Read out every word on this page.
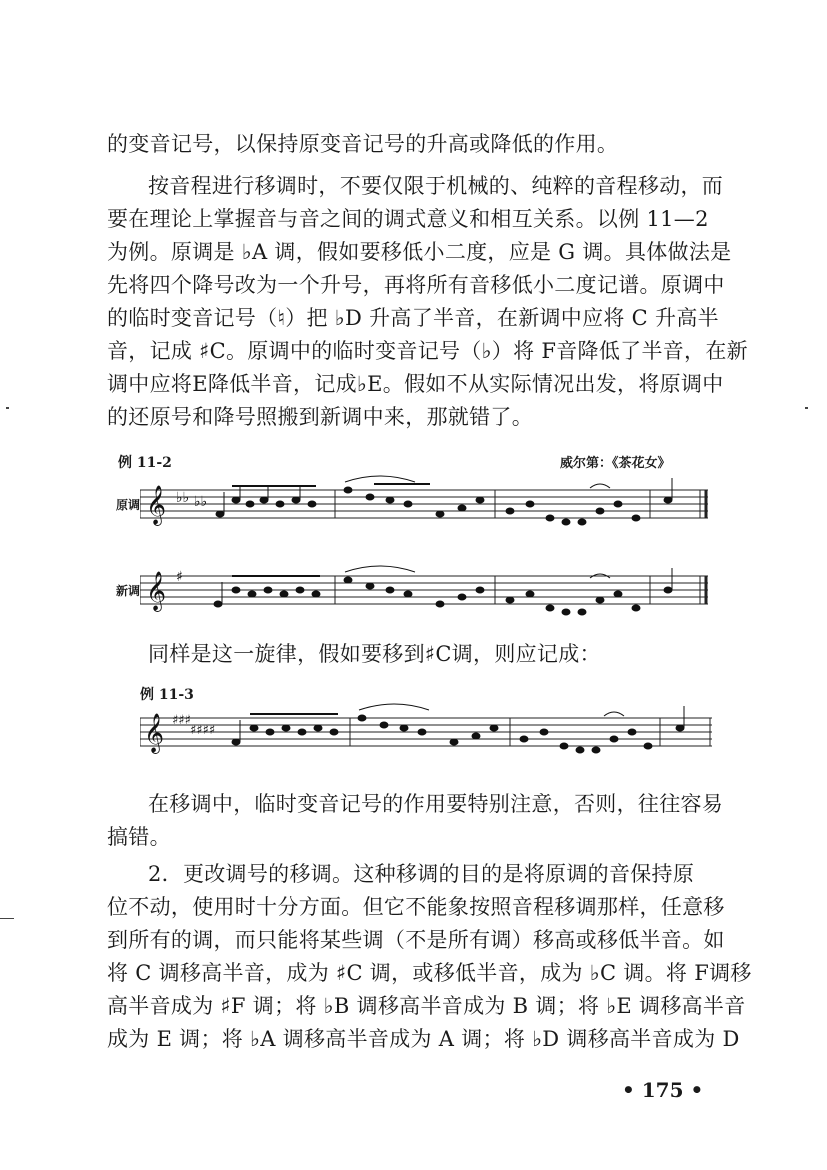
的变音记号，以保持原变音记号的升高或降低的作用。
按音程进行移调时，不要仅限于机械的、纯粹的音程移动，而
要在理论上掌握音与音之间的调式意义和相互关系。以例 11—2
为例。原调是 ♭A 调，假如要移低小二度，应是 G 调。具体做法是
先将四个降号改为一个升号，再将所有音移低小二度记谱。原调中
的临时变音记号（♮）把 ♭D 升高了半音，在新调中应将 C 升高半
音，记成 ♯C。原调中的临时变音记号（♭）将 F音降低了半音，在新
调中应将E降低半音，记成♭E。假如不从实际情况出发，将原调中
的还原号和降号照搬到新调中来，那就错了。
例 11-2	威尔第：《茶花女》
原调 𝄞 ♭♭ ♭♭
新调 𝄞 ♯
同样是这一旋律，假如要移到♯C调，则应记成：
例 11-3
𝄞 ♯♯♯
♯♯♯♯
在移调中，临时变音记号的作用要特别注意，否则，往往容易
搞错。
2．更改调号的移调。这种移调的目的是将原调的音保持原
位不动，使用时十分方面。但它不能象按照音程移调那样，任意移
到所有的调，而只能将某些调（不是所有调）移高或移低半音。如
将 C 调移高半音，成为 ♯C 调，或移低半音，成为 ♭C 调。将 F调移
高半音成为 ♯F 调；将 ♭B 调移高半音成为 B 调；将 ♭E 调移高半音
成为 E 调；将 ♭A 调移高半音成为 A 调；将 ♭D 调移高半音成为 D
• 175 •
